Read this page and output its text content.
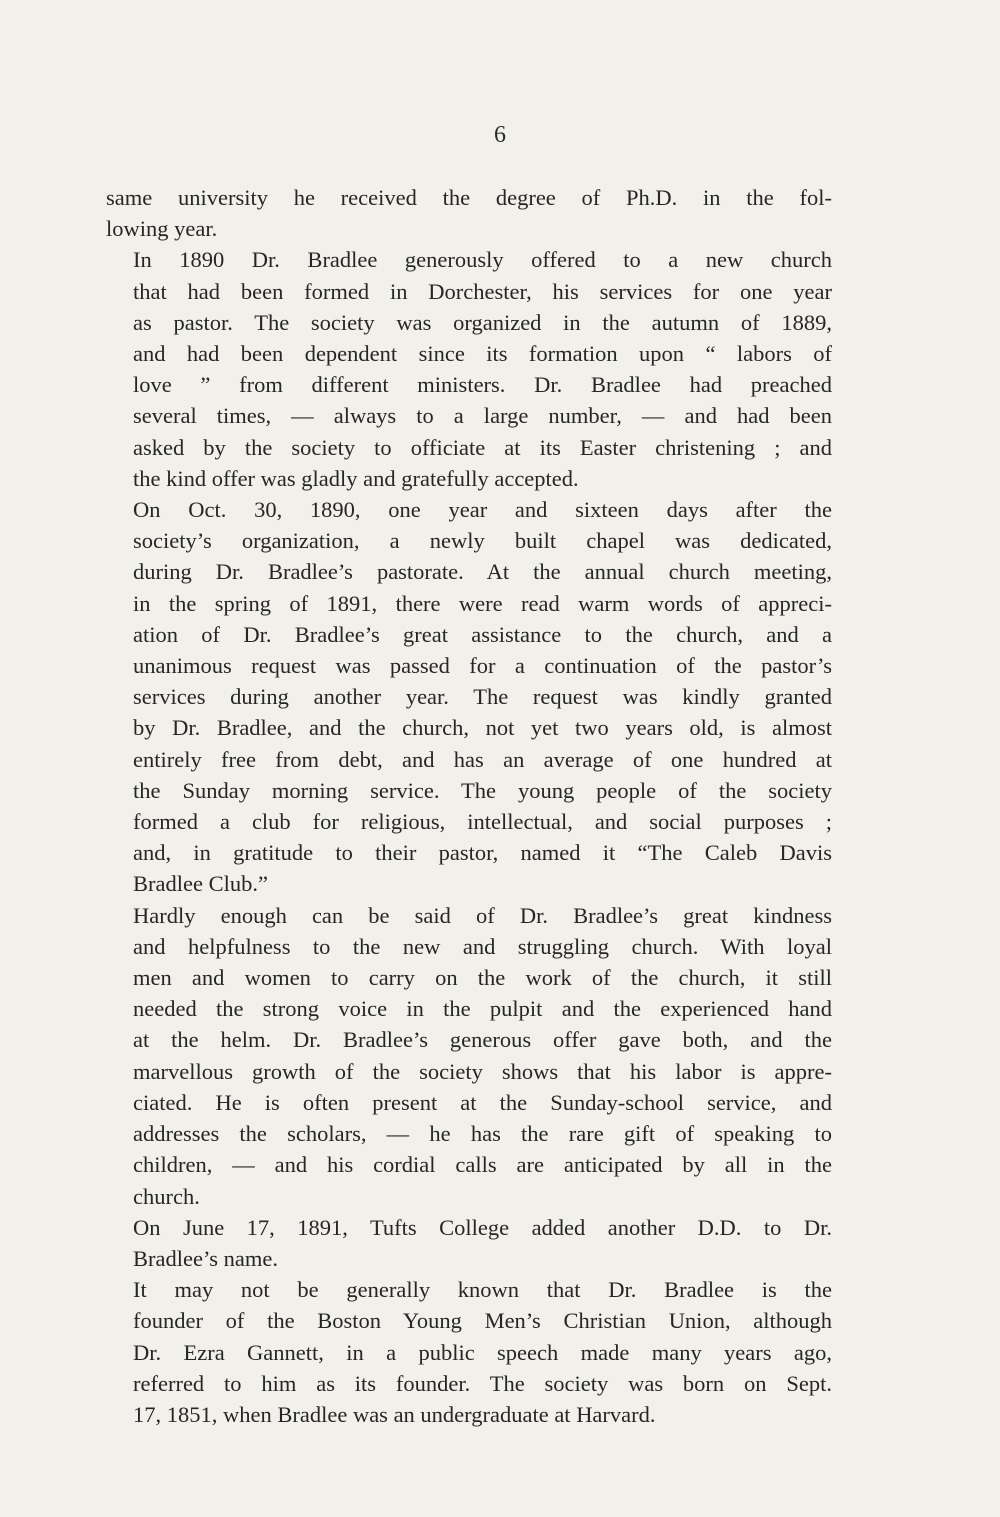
6

same university he received the degree of Ph.D. in the fol-
lowing year.

In 1890 Dr. Bradlee generously offered to a new church
that had been formed in Dorchester, his services for one year
as pastor. The society was organized in the autumn of 1889,
and had been dependent since its formation upon “ labors of
love ” from different ministers. Dr. Bradlee had preached
several times, — always to a large number, — and had been
asked by the society to officiate at its Easter christening ; and
the kind offer was gladly and gratefully accepted.

On Oct. 30, 1890, one year and sixteen days after the
society’s organization, a newly built chapel was dedicated,
during Dr. Bradlee’s pastorate. At the annual church meeting,
in the spring of 1891, there were read warm words of appreci-
ation of Dr. Bradlee’s great assistance to the church, and a
unanimous request was passed for a continuation of the pastor’s
services during another year. The request was kindly granted
by Dr. Bradlee, and the church, not yet two years old, is almost
entirely free from debt, and has an average of one hundred at
the Sunday morning service. The young people of the society
formed a club for religious, intellectual, and social purposes ;
and, in gratitude to their pastor, named it “The Caleb Davis
Bradlee Club.”

Hardly enough can be said of Dr. Bradlee’s great kindness
and helpfulness to the new and struggling church. With loyal
men and women to carry on the work of the church, it still
needed the strong voice in the pulpit and the experienced hand
at the helm. Dr. Bradlee’s generous offer gave both, and the
marvellous growth of the society shows that his labor is appre-
ciated. He is often present at the Sunday-school service, and
addresses the scholars, — he has the rare gift of speaking to
children, — and his cordial calls are anticipated by all in the
church.

On June 17, 1891, Tufts College added another D.D. to Dr.
Bradlee’s name.

It may not be generally known that Dr. Bradlee is the
founder of the Boston Young Men’s Christian Union, although
Dr. Ezra Gannett, in a public speech made many years ago,
referred to him as its founder. The society was born on Sept.
17, 1851, when Bradlee was an undergraduate at Harvard.
